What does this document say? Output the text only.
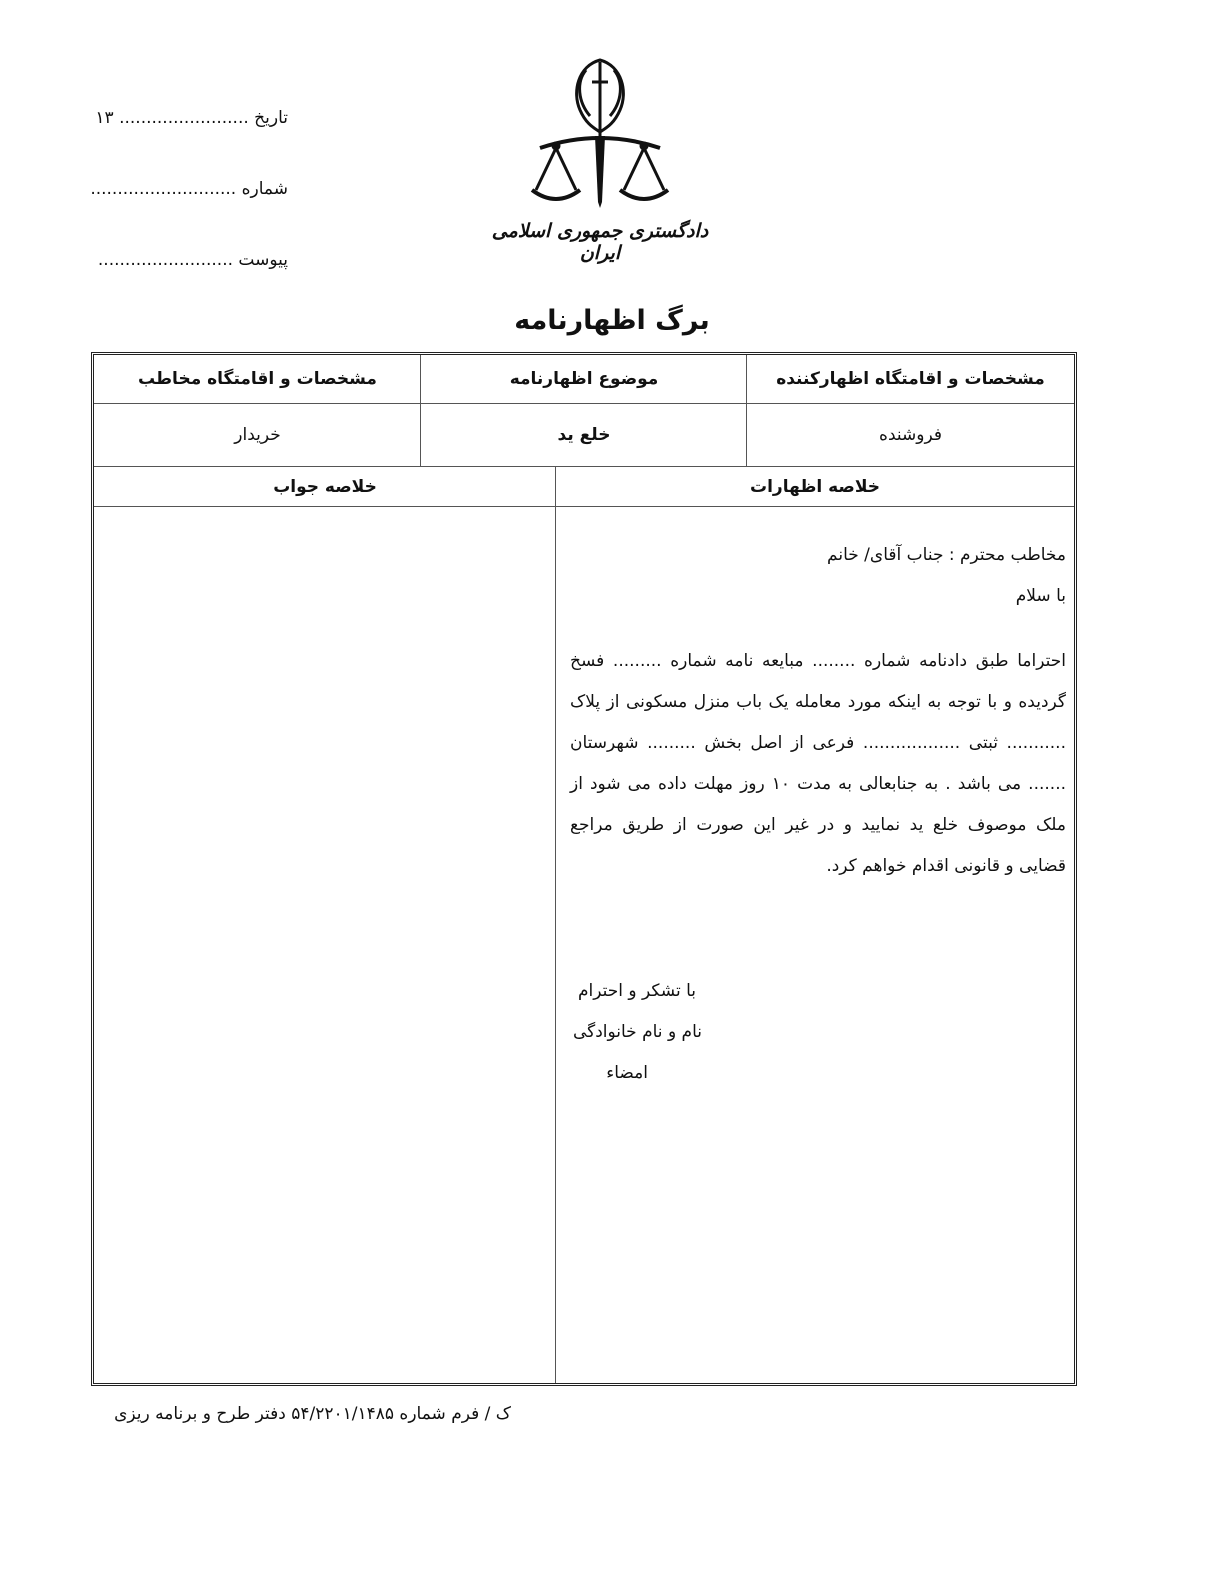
تاریخ ........................ ۱۳
شماره ...........................
پیوست .........................
دادگستری جمهوری اسلامی ایران
برگ اظهارنامه
مشخصات و اقامتگاه اظهارکننده
موضوع اظهارنامه
مشخصات و اقامتگاه مخاطب
فروشنده
خلع ید
خریدار
خلاصه اظهارات
خلاصه جواب

مخاطب محترم : جناب آقای/ خانم

با سلام

احتراما طبق دادنامه شماره ........ مبایعه نامه شماره ......... فسخ گردیده و با توجه به اینکه مورد معامله یک باب منزل مسکونی از پلاک ........... ثبتی .................. فرعی از اصل بخش ......... شهرستان ....... می باشد . به جنابعالی به مدت ۱۰ روز مهلت داده می شود از ملک موصوف خلع ید نمایید و در غیر این صورت از طریق مراجع قضایی و قانونی اقدام خواهم کرد.

با تشکر و احترام

نام و نام خانوادگی

امضاء

ک / فرم شماره ۵۴/۲۲۰۱/۱۴۸۵ دفتر طرح و برنامه ریزی
